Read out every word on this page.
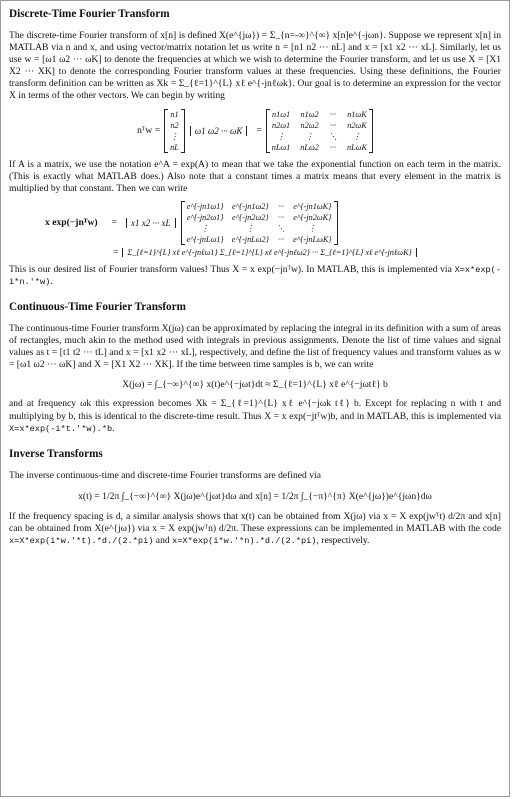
Discrete-Time Fourier Transform

The discrete-time Fourier transform of x[n] is defined X(e^{jω}) = Σ_{n=-∞}^{∞} x[n]e^{-jωn}. Suppose we represent x[n] in MATLAB via n and x, and using vector/matrix notation let us write n = [n1 n2 ··· nL] and x = [x1 x2 ··· xL]. Similarly, let us use w = [ω1 ω2 ··· ωK] to denote the frequencies at which we wish to determine the Fourier transform, and let us use X = [X1 X2 ··· XK] to denote the corresponding Fourier transform values at these frequencies. Using these definitions, the Fourier transform definition can be written as Xk = Σ_{ℓ=1}^{L} xℓ e^{-jnℓωk}. Our goal is to determine an expression for the vector X in terms of the other vectors. We can begin by writing

nᵀw =
n1
n2
⋮
nL
ω1 ω2 ··· ωK	=
n1ω1 n1ω2 ··· n1ωK
n2ω1 n2ω2 ··· n2ωK
⋮	⋮	⋱	⋮
nLω1 nLω2 ··· nLωK

If A is a matrix, we use the notation e^A = exp(A) to mean that we take the exponential function on each term in the matrix. (This is exactly what MATLAB does.) Also note that a constant times a matrix means that every element in the matrix is multiplied by that constant. Then we can write

x exp(−jnᵀw) =	x1 x2 ··· xL
e^{-jn1ω1} e^{-jn1ω2} ··· e^{-jn1ωK}
e^{-jn2ω1} e^{-jn2ω2} ··· e^{-jn2ωK}
⋮	⋮	⋱	⋮
e^{-jnLω1} e^{-jnLω2} ··· e^{-jnLωK}
=	Σ_{ℓ=1}^{L} xℓ e^{-jnℓω1} Σ_{ℓ=1}^{L} xℓ e^{-jnℓω2} ··· Σ_{ℓ=1}^{L} xℓ e^{-jnℓωK}

This is our desired list of Fourier transform values! Thus X = x exp(−jnᵀw). In MATLAB, this is implemented via X=x*exp(-i*n.'*w).

Continuous-Time Fourier Transform

The continuous-time Fourier transform X(jω) can be approximated by replacing the integral in its definition with a sum of areas of rectangles, much akin to the method used with integrals in previous assignments. Denote the list of time values and signal values as t = [t1 t2 ··· tL] and x = [x1 x2 ··· xL], respectively, and define the list of frequency values and transform values as w = [ω1 ω2 ··· ωK] and X = [X1 X2 ··· XK]. If the time between time samples is b, we can write

X(jω) = ∫_{−∞}^{∞} x(t)e^{−jωt}dt ≈ Σ_{ℓ=1}^{L} xℓ e^{−jωtℓ} b

and at frequency ωk this expression becomes Xk = Σ_{ℓ=1}^{L} xℓ e^{−jωk tℓ} b. Except for replacing n with t and multiplying by b, this is identical to the discrete-time result. Thus X = x exp(−jtᵀw)b, and in MATLAB, this is implemented via X=x*exp(-i*t.'*w).*b.

Inverse Transforms

The inverse continuous-time and discrete-time Fourier transforms are defined via

x(t) = 1/2π ∫_{−∞}^{∞} X(jω)e^{jωt}dω and x[n] = 1/2π ∫_{−π}^{π} X(e^{jω})e^{jωn}dω

If the frequency spacing is d, a similar analysis shows that x(t) can be obtained from X(jω) via x = X exp(jwᵀt) d/2π and x[n] can be obtained from X(e^{jω}) via x = X exp(jwᵀn) d/2π. These expressions can be implemented in MATLAB with the code x=X*exp(i*w.'*t).*d./(2.*pi) and x=X*exp(i*w.'*n).*d./(2.*pi), respectively.
